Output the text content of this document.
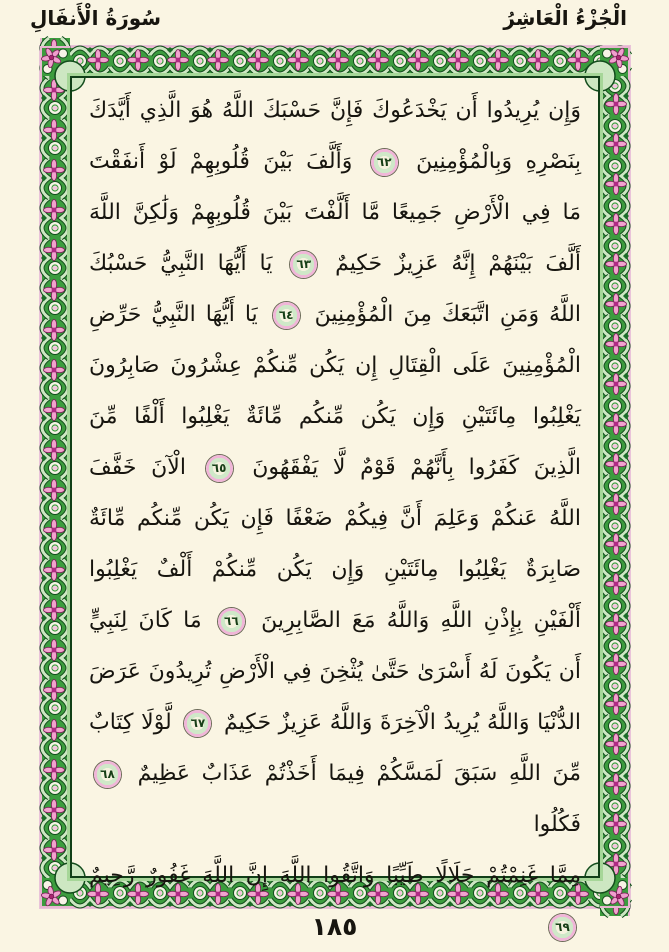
الْجُزْءُ الْعَاشِرُ
سُورَةُ الْأَنفَالِ
وَإِن يُرِيدُوا أَن يَخْدَعُوكَ فَإِنَّ حَسْبَكَ اللَّهُ هُوَ الَّذِي أَيَّدَكَ
بِنَصْرِهِ وَبِالْمُؤْمِنِينَ ٦٢ وَأَلَّفَ بَيْنَ قُلُوبِهِمْ لَوْ أَنفَقْتَ
مَا فِي الْأَرْضِ جَمِيعًا مَّا أَلَّفْتَ بَيْنَ قُلُوبِهِمْ وَلَٰكِنَّ اللَّهَ
أَلَّفَ بَيْنَهُمْ إِنَّهُ عَزِيزٌ حَكِيمٌ ٦٣ يَا أَيُّهَا النَّبِيُّ حَسْبُكَ
اللَّهُ وَمَنِ اتَّبَعَكَ مِنَ الْمُؤْمِنِينَ ٦٤ يَا أَيُّهَا النَّبِيُّ حَرِّضِ
الْمُؤْمِنِينَ عَلَى الْقِتَالِ إِن يَكُن مِّنكُمْ عِشْرُونَ صَابِرُونَ
يَغْلِبُوا مِائَتَيْنِ وَإِن يَكُن مِّنكُم مِّائَةٌ يَغْلِبُوا أَلْفًا مِّنَ
الَّذِينَ كَفَرُوا بِأَنَّهُمْ قَوْمٌ لَّا يَفْقَهُونَ ٦٥ الْآنَ خَفَّفَ
اللَّهُ عَنكُمْ وَعَلِمَ أَنَّ فِيكُمْ ضَعْفًا فَإِن يَكُن مِّنكُم مِّائَةٌ
صَابِرَةٌ يَغْلِبُوا مِائَتَيْنِ وَإِن يَكُن مِّنكُمْ أَلْفٌ يَغْلِبُوا
أَلْفَيْنِ بِإِذْنِ اللَّهِ وَاللَّهُ مَعَ الصَّابِرِينَ ٦٦ مَا كَانَ لِنَبِيٍّ
أَن يَكُونَ لَهُ أَسْرَىٰ حَتَّىٰ يُثْخِنَ فِي الْأَرْضِ تُرِيدُونَ عَرَضَ
الدُّنْيَا وَاللَّهُ يُرِيدُ الْآخِرَةَ وَاللَّهُ عَزِيزٌ حَكِيمٌ ٦٧ لَّوْلَا كِتَابٌ
مِّنَ اللَّهِ سَبَقَ لَمَسَّكُمْ فِيمَا أَخَذْتُمْ عَذَابٌ عَظِيمٌ ٦٨ فَكُلُوا
مِمَّا غَنِمْتُمْ حَلَالًا طَيِّبًا وَاتَّقُوا اللَّهَ إِنَّ اللَّهَ غَفُورٌ رَّحِيمٌ ٦٩
١٨٥
